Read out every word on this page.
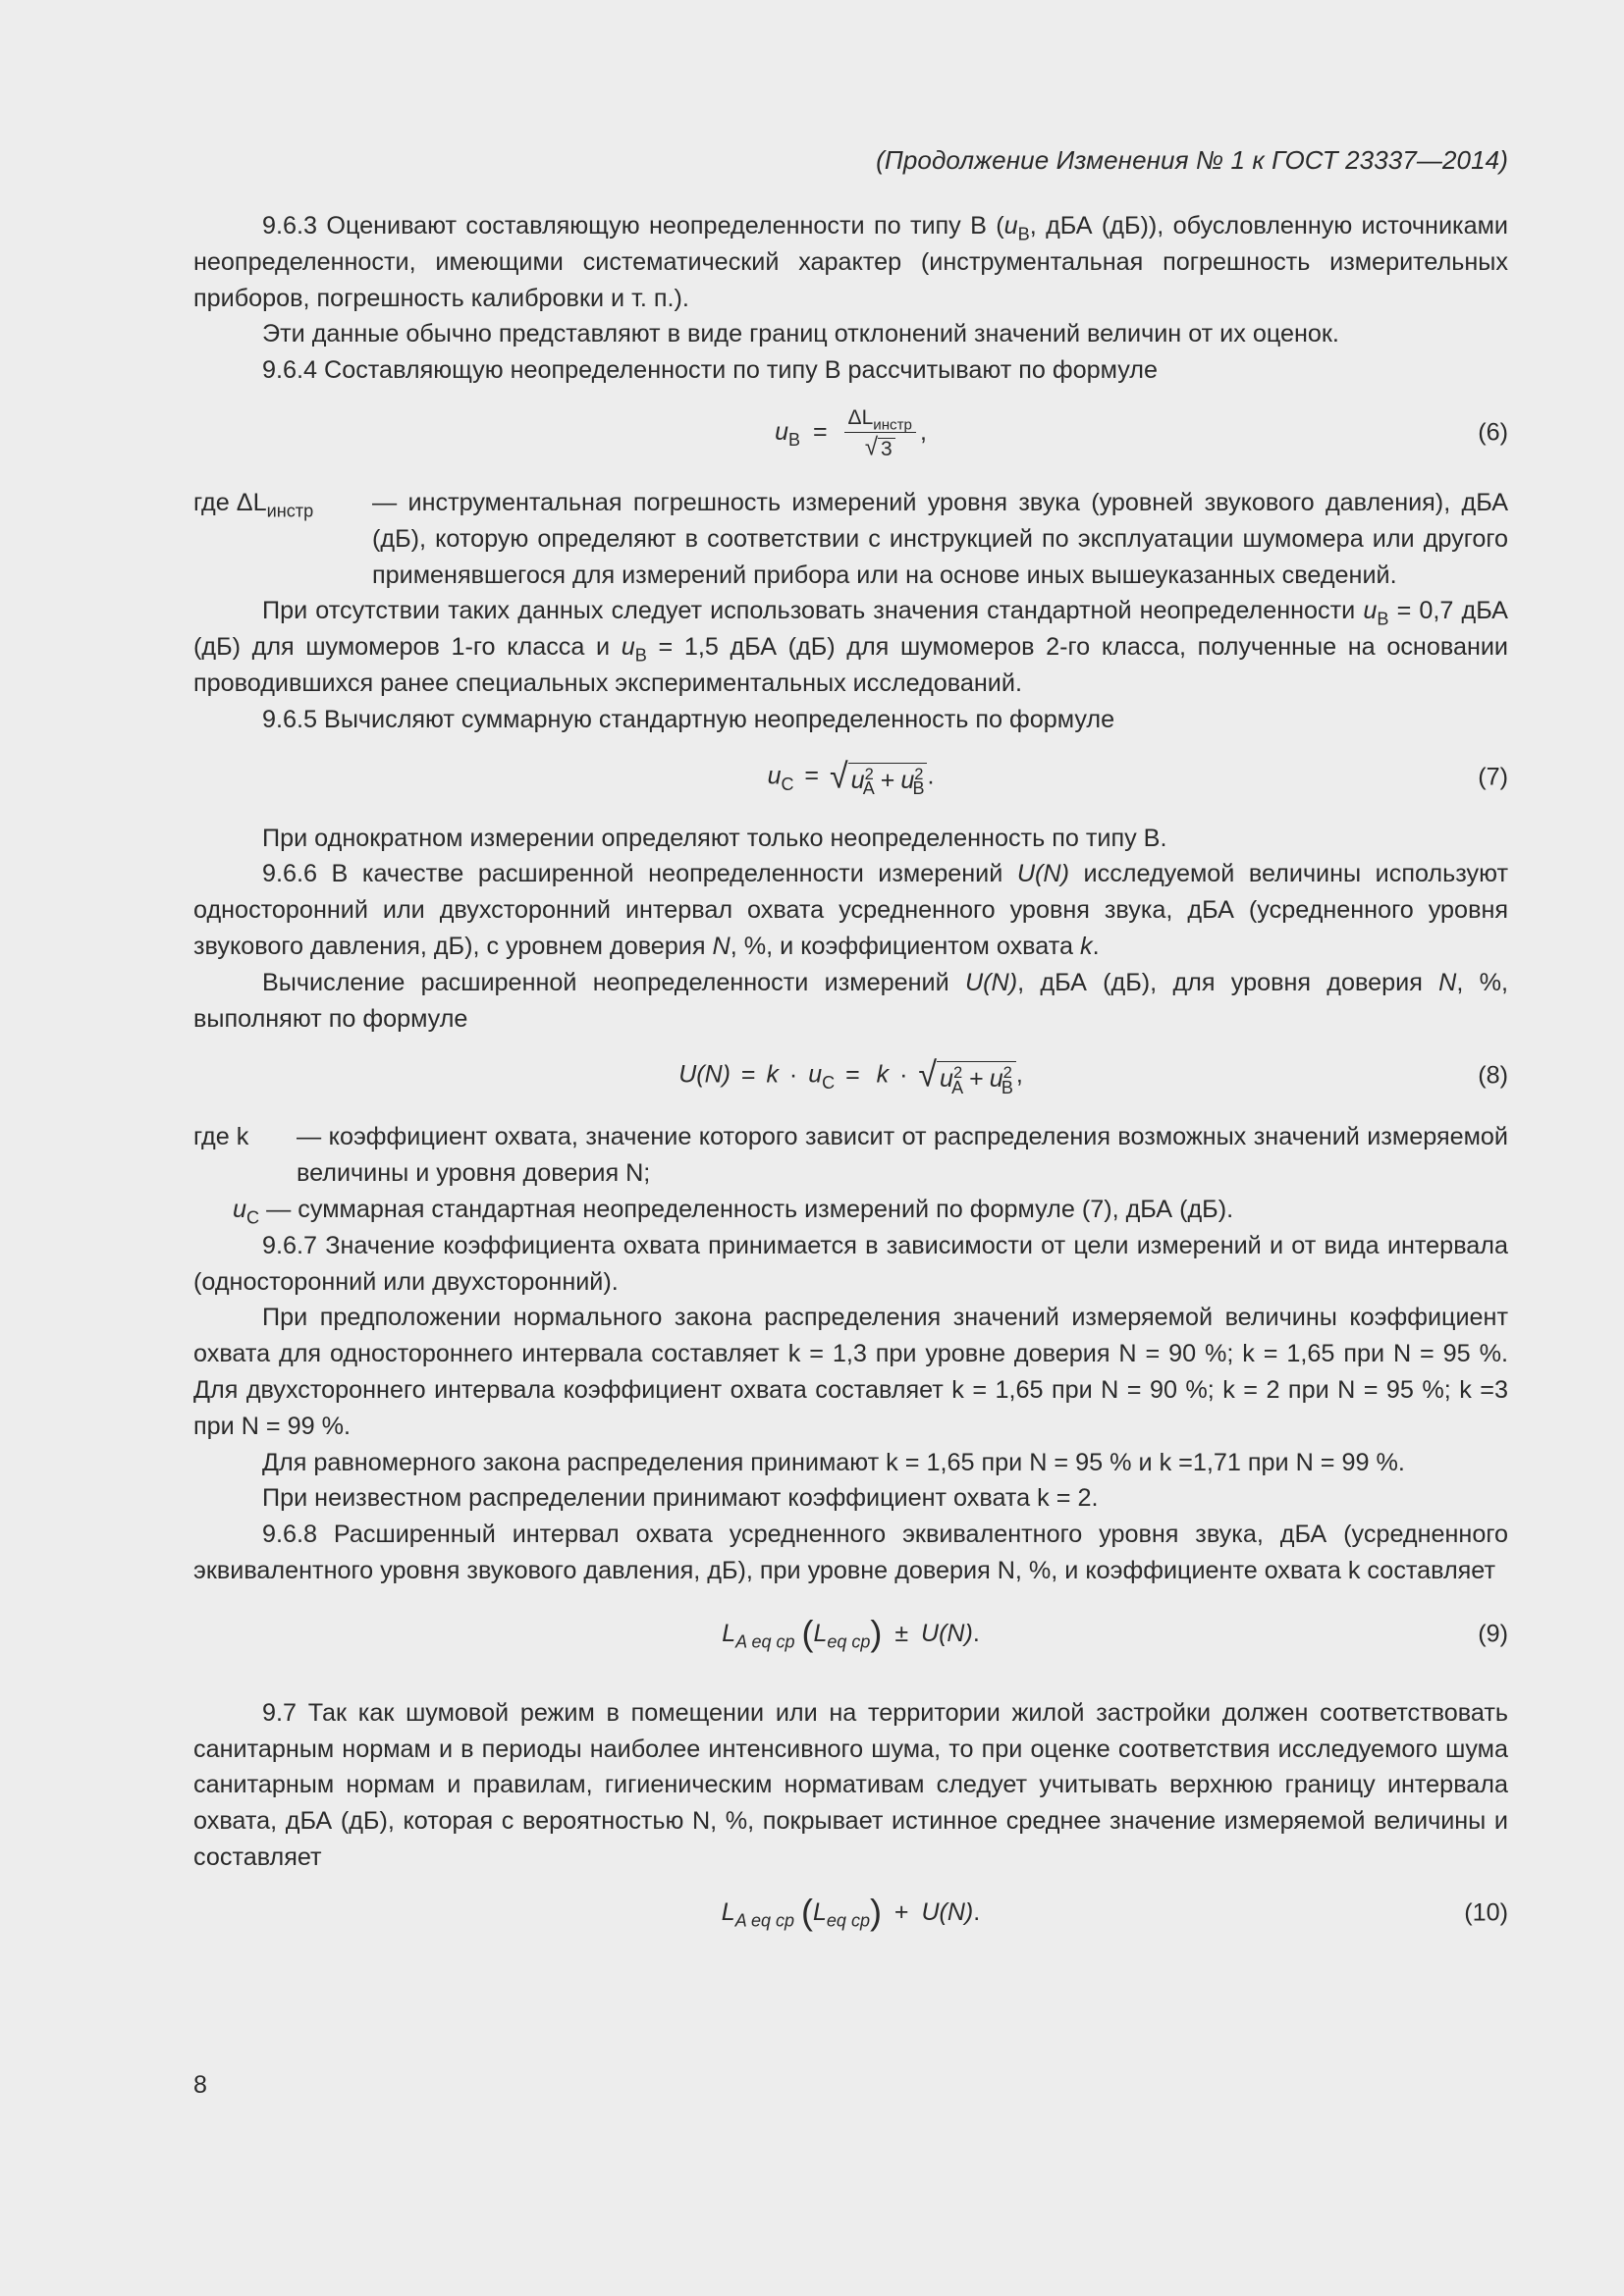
(Продолжение Изменения № 1 к ГОСТ 23337—2014)
9.6.3 Оценивают составляющую неопределенности по типу В ($u_В$, дБА (дБ)), обусловленную источниками неопределенности, имеющими систематический характер (инструментальная погрешность измерительных приборов, погрешность калибровки и т. п.).
Эти данные обычно представляют в виде границ отклонений значений величин от их оценок.
9.6.4 Составляющую неопределенности по типу В рассчитывают по формуле
$u_В = \frac{\Delta L_{инстр}}{√ 3}$ ,	(6)
где $\Delta L_{инстр}$	— инструментальная погрешность измерений уровня звука (уровней звукового давления), дБА (дБ), которую определяют в соответствии с инструкцией по эксплуатации шумомера или другого применявшегося для измерений прибора или на основе иных вышеуказанных сведений.
При отсутствии таких данных следует использовать значения стандартной неопределенности $u_В = 0,7$ дБА (дБ) для шумомеров 1-го класса и $u_В = 1,5$ дБА (дБ) для шумомеров 2-го класса, полученные на основании проводившихся ранее специальных экспериментальных исследований.
9.6.5 Вычисляют суммарную стандартную неопределенность по формуле
$u_С$ = √ $u^2_А + u^2_В$ .	(7)
При однократном измерении определяют только неопределенность по типу В.
9.6.6 В качестве расширенной неопределенности измерений U(N) исследуемой величины используют односторонний или двухсторонний интервал охвата усредненного уровня звука, дБА (усредненного уровня звукового давления, дБ), с уровнем доверия N, %, и коэффициентом охвата k.
Вычисление расширенной неопределенности измерений U(N), дБА (дБ), для уровня доверия N, %, выполняют по формуле
$U(N) = k \cdot u_С = k$ · √ $u^2_А + u^2_В$ ,	(8)
где k	— коэффициент охвата, значение которого зависит от распределения возможных значений измеряемой величины и уровня доверия N;
$u_С$ — суммарная стандартная неопределенность измерений по формуле (7), дБА (дБ).
9.6.7 Значение коэффициента охвата принимается в зависимости от цели измерений и от вида интервала (односторонний или двухсторонний).
При предположении нормального закона распределения значений измеряемой величины коэффициент охвата для одностороннего интервала составляет k = 1,3 при уровне доверия N = 90 %; k = 1,65 при N = 95 %. Для двухстороннего интервала коэффициент охвата составляет k = 1,65 при N = 90 %; k = 2 при N = 95 %; k =3 при N = 99 %.
Для равномерного закона распределения принимают k = 1,65 при N = 95 % и k =1,71 при N = 99 %.
При неизвестном распределении принимают коэффициент охвата k = 2.
9.6.8 Расширенный интервал охвата усредненного эквивалентного уровня звука, дБА (усредненного эквивалентного уровня звукового давления, дБ), при уровне доверия N, %, и коэффициенте охвата k составляет
$L_{A eq ср}$ $(L_{eq ср}) \pm U(N)$.	(9)
9.7 Так как шумовой режим в помещении или на территории жилой застройки должен соответствовать санитарным нормам и в периоды наиболее интенсивного шума, то при оценке соответствия исследуемого шума санитарным нормам и правилам, гигиеническим нормативам следует учитывать верхнюю границу интервала охвата, дБА (дБ), которая с вероятностью N, %, покрывает истинное среднее значение измеряемой величины и составляет
$L_{A eq ср}$ $(L_{eq ср}) + U(N)$.	(10)
8
